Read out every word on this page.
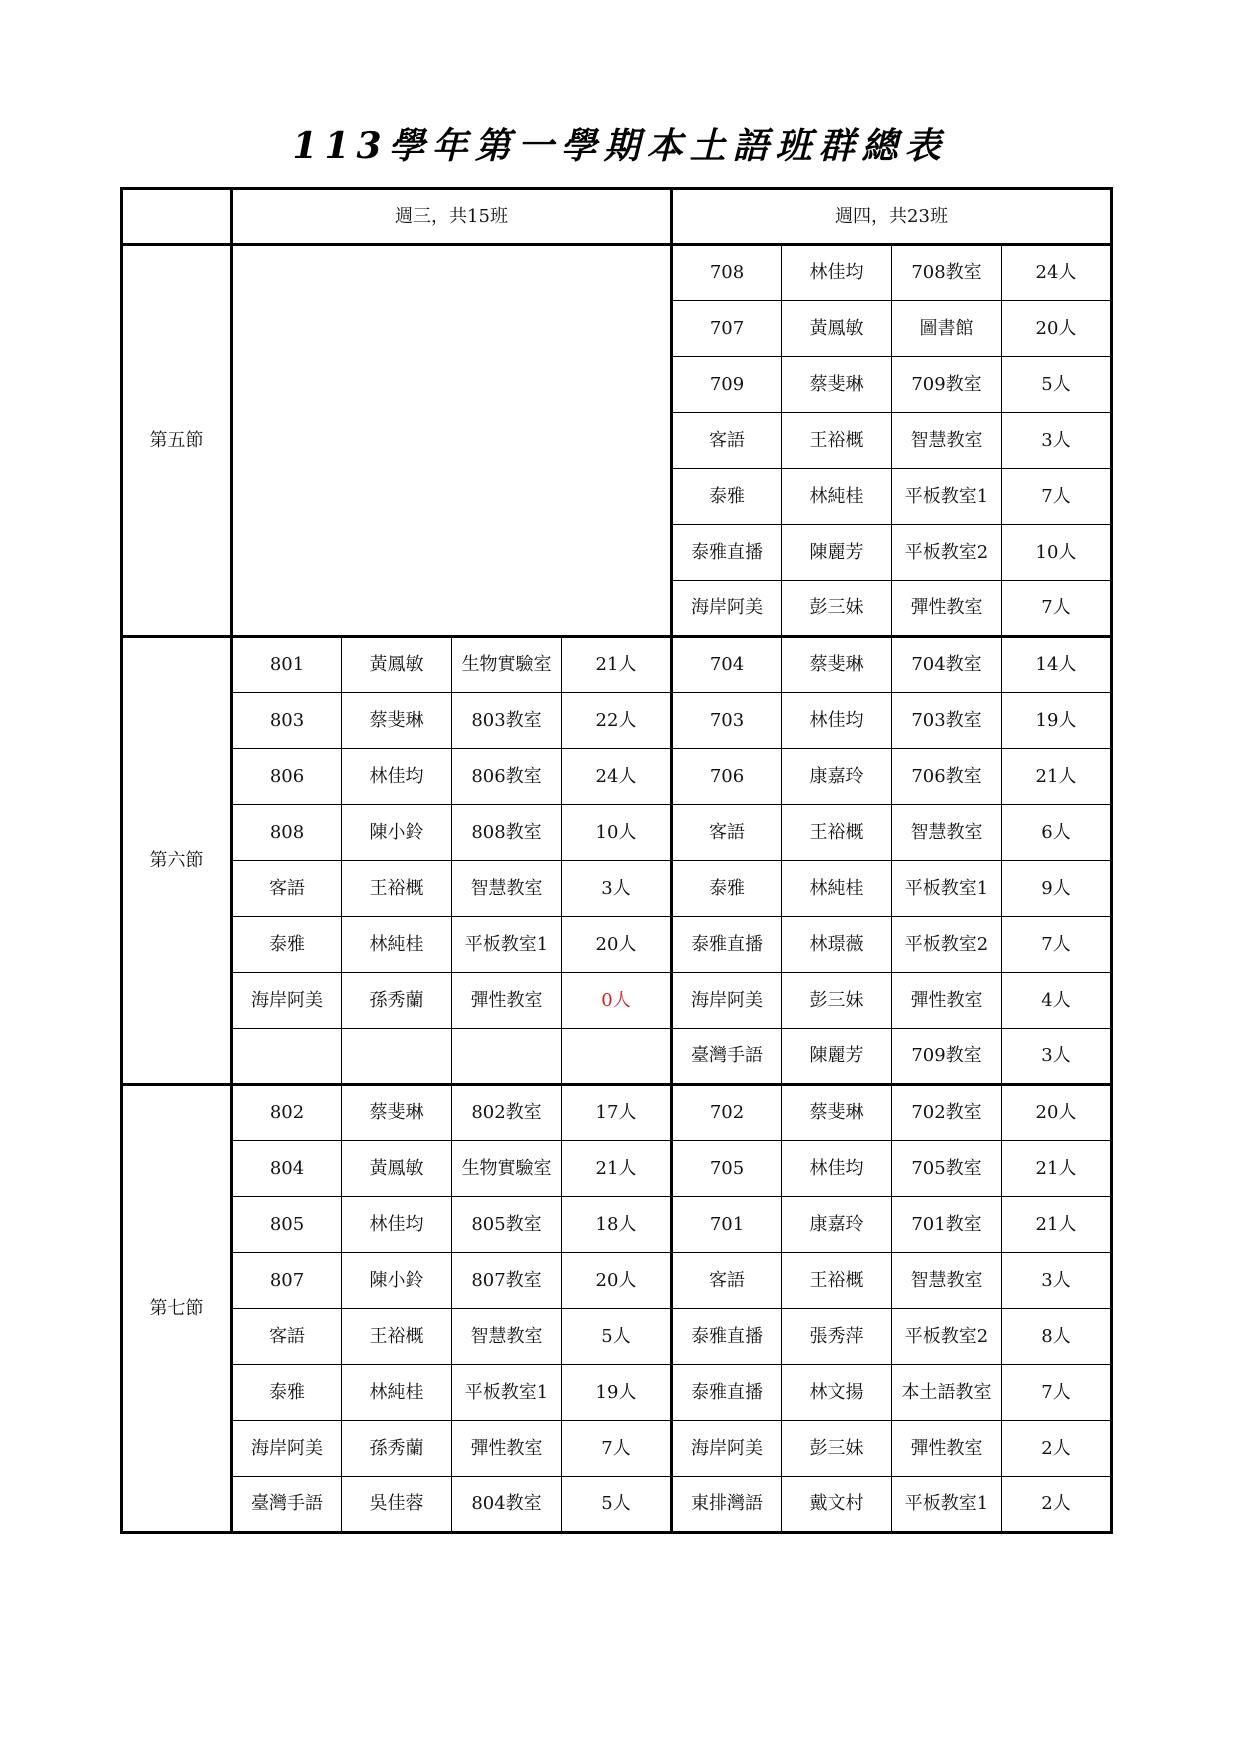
113學年第一學期本土語班群總表
	週三，共15班				週四，共23班			
第五節					708	林佳均	708教室	24人
					707	黃鳳敏	圖書館	20人
					709	蔡斐琳	709教室	5人
					客語	王裕概	智慧教室	3人
					泰雅	林純桂	平板教室1	7人
					泰雅直播	陳麗芳	平板教室2	10人
					海岸阿美	彭三妹	彈性教室	7人
第六節	801	黃鳳敏	生物實驗室	21人	704	蔡斐琳	704教室	14人
	803	蔡斐琳	803教室	22人	703	林佳均	703教室	19人
	806	林佳均	806教室	24人	706	康嘉玲	706教室	21人
	808	陳小鈴	808教室	10人	客語	王裕概	智慧教室	6人
	客語	王裕概	智慧教室	3人	泰雅	林純桂	平板教室1	9人
	泰雅	林純桂	平板教室1	20人	泰雅直播	林璟薇	平板教室2	7人
	海岸阿美	孫秀蘭	彈性教室	0人	海岸阿美	彭三妹	彈性教室	4人
					臺灣手語	陳麗芳	709教室	3人
第七節	802	蔡斐琳	802教室	17人	702	蔡斐琳	702教室	20人
	804	黃鳳敏	生物實驗室	21人	705	林佳均	705教室	21人
	805	林佳均	805教室	18人	701	康嘉玲	701教室	21人
	807	陳小鈴	807教室	20人	客語	王裕概	智慧教室	3人
	客語	王裕概	智慧教室	5人	泰雅直播	張秀萍	平板教室2	8人
	泰雅	林純桂	平板教室1	19人	泰雅直播	林文揚	本土語教室	7人
	海岸阿美	孫秀蘭	彈性教室	7人	海岸阿美	彭三妹	彈性教室	2人
	臺灣手語	吳佳蓉	804教室	5人	東排灣語	戴文村	平板教室1	2人
